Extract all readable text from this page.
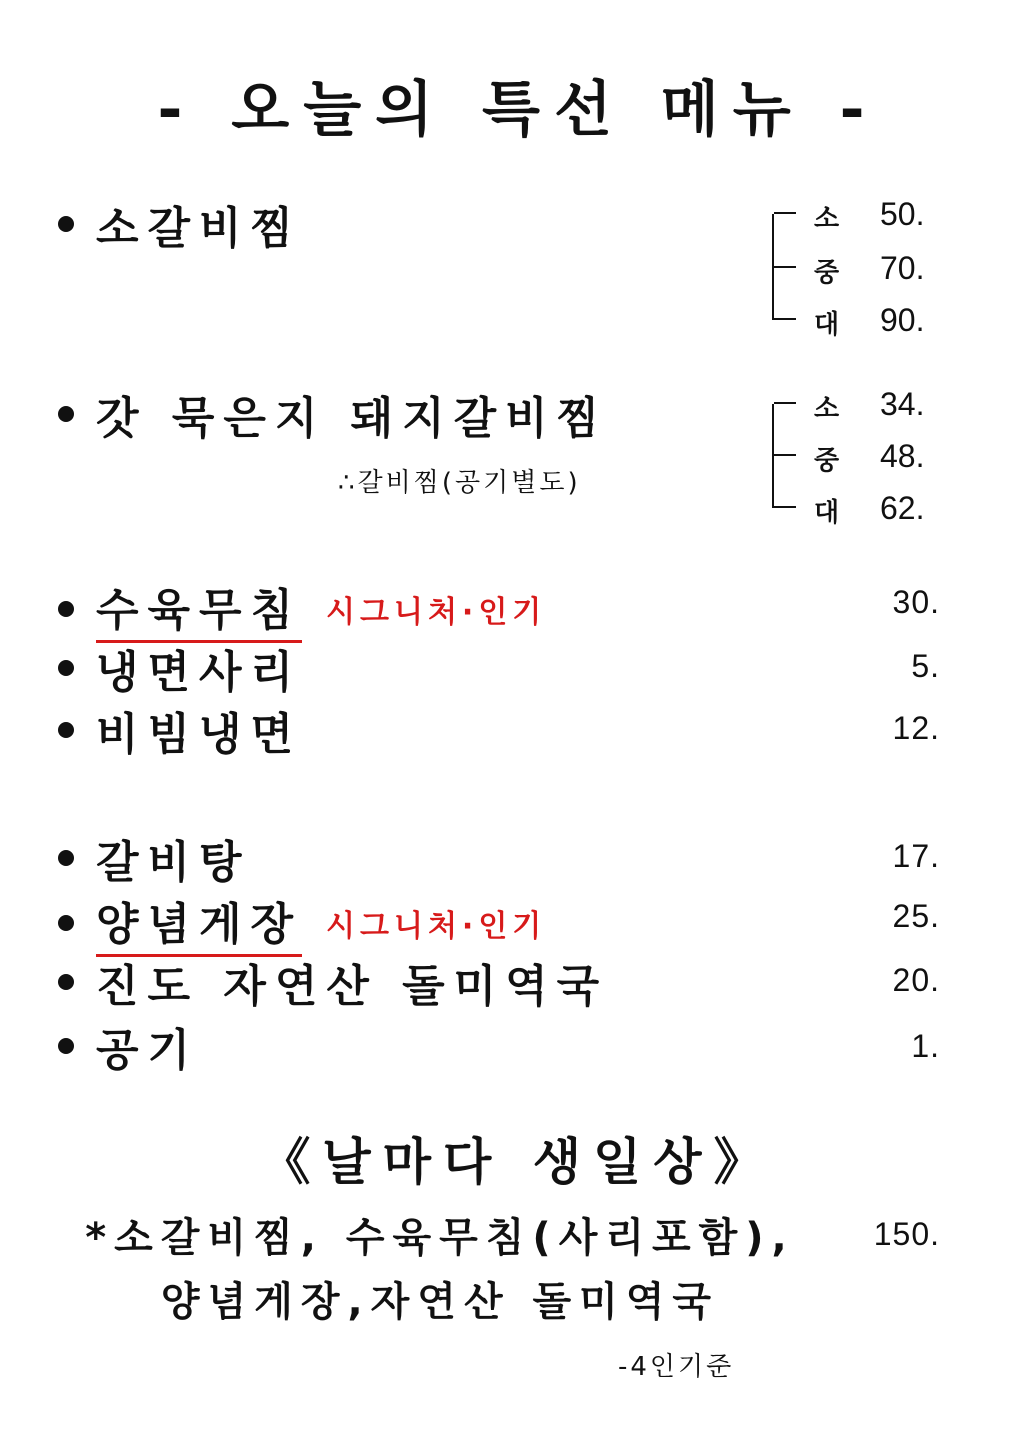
- 오늘의 특선 메뉴 -
소갈비찜	소 50.
중 70.
대 90.
갓 묵은지 돼지갈비찜
∴갈비찜(공기별도)
소 34.
중 48.
대 62.
수육무침 시그니처·인기	30.
냉면사리	5.
비빔냉면	12.
갈비탕	17.
양념게장 시그니처·인기	25.
진도 자연산 돌미역국	20.
공기	1.
《날마다 생일상》
*소갈비찜, 수육무침(사리포함),	150.
양념게장,자연산 돌미역국
-4인기준
